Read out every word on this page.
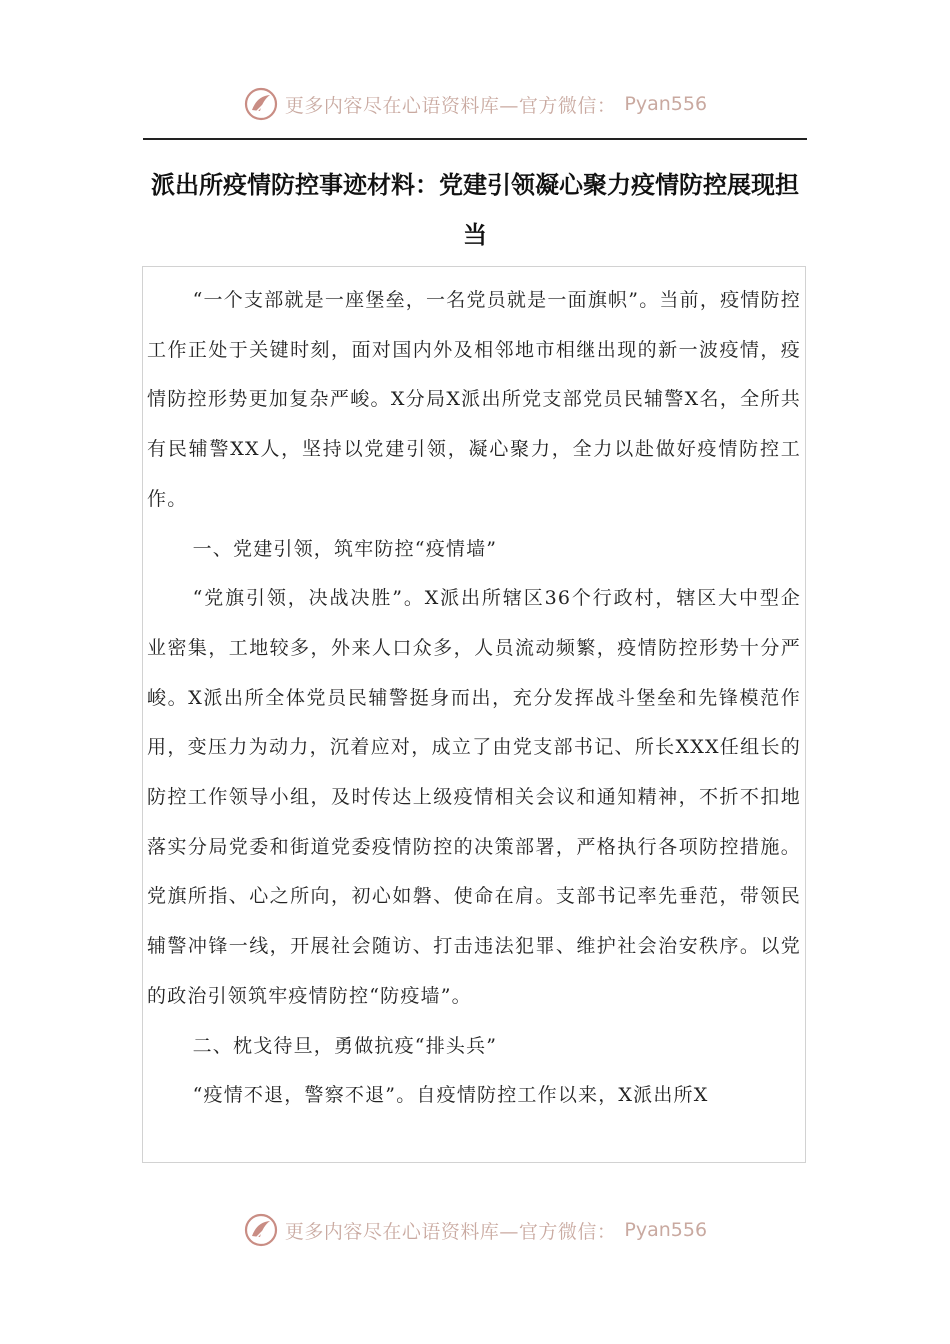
更多内容尽在心语资料库—官方微信： Pyan556
派出所疫情防控事迹材料：党建引领凝心聚力疫情防控展现担当

“一个支部就是一座堡垒，一名党员就是一面旗帜”。当前，疫情防控工作正处于关键时刻，面对国内外及相邻地市相继出现的新一波疫情，疫情防控形势更加复杂严峻。X分局X派出所党支部党员民辅警X名，全所共有民辅警XX人，坚持以党建引领，凝心聚力，全力以赴做好疫情防控工作。

一、党建引领，筑牢防控“疫情墙”

“党旗引领，决战决胜”。X派出所辖区36个行政村，辖区大中型企业密集，工地较多，外来人口众多，人员流动频繁，疫情防控形势十分严峻。X派出所全体党员民辅警挺身而出，充分发挥战斗堡垒和先锋模范作用，变压力为动力，沉着应对，成立了由党支部书记、所长XXX任组长的防控工作领导小组，及时传达上级疫情相关会议和通知精神，不折不扣地落实分局党委和街道党委疫情防控的决策部署，严格执行各项防控措施。党旗所指、心之所向，初心如磐、使命在肩。支部书记率先垂范，带领民辅警冲锋一线，开展社会随访、打击违法犯罪、维护社会治安秩序。以党的政治引领筑牢疫情防控“防疫墙”。

二、枕戈待旦，勇做抗疫“排头兵”

“疫情不退，警察不退”。自疫情防控工作以来，X派出所X

更多内容尽在心语资料库—官方微信： Pyan556
